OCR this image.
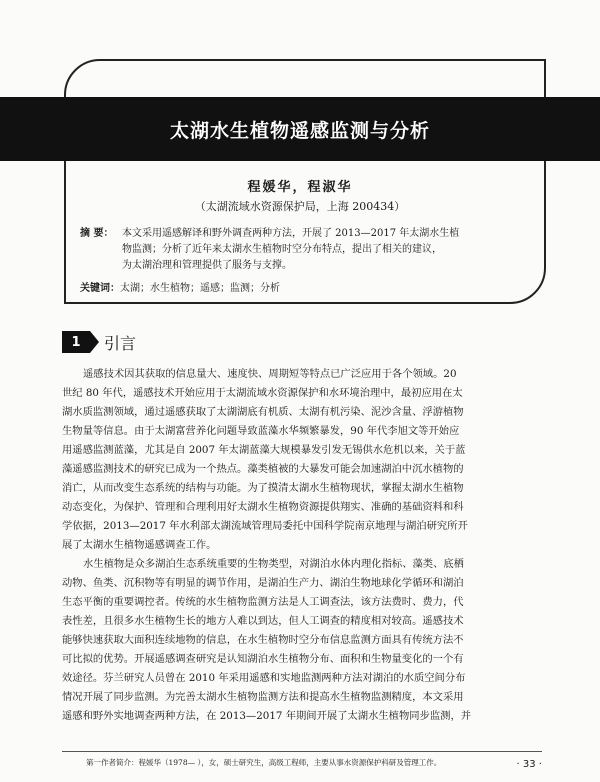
太湖水生植物遥感监测与分析
程媛华，程淑华
（太湖流域水资源保护局，上海 200434）
摘 要： 本文采用遥感解译和野外调查两种方法，开展了 2013—2017 年太湖水生植
物监测；分析了近年来太湖水生植物时空分布特点，提出了相关的建议，
为太湖治理和管理提供了服务与支撑。
关键词：太湖；水生植物；遥感；监测；分析
1	引言
遥感技术因其获取的信息量大、速度快、周期短等特点已广泛应用于各个领域。20
世纪 80 年代，遥感技术开始应用于太湖流域水资源保护和水环境治理中，最初应用在太
湖水质监测领域，通过遥感获取了太湖湖底有机质、太湖有机污染、泥沙含量、浮游植物
生物量等信息。由于太湖富营养化问题导致蓝藻水华频繁暴发，90 年代李旭文等开始应
用遥感监测蓝藻，尤其是自 2007 年太湖蓝藻大规模暴发引发无锡供水危机以来，关于蓝
藻遥感监测技术的研究已成为一个热点。藻类植被的大暴发可能会加速湖泊中沉水植物的
消亡，从而改变生态系统的结构与功能。为了摸清太湖水生植物现状，掌握太湖水生植物
动态变化，为保护、管理和合理利用好太湖水生植物资源提供翔实、准确的基础资料和科
学依据，2013—2017 年水利部太湖流域管理局委托中国科学院南京地理与湖泊研究所开
展了太湖水生植物遥感调查工作。
水生植物是众多湖泊生态系统重要的生物类型，对湖泊水体内理化指标、藻类、底栖
动物、鱼类、沉积物等有明显的调节作用，是湖泊生产力、湖泊生物地球化学循环和湖泊
生态平衡的重要调控者。传统的水生植物监测方法是人工调查法，该方法费时、费力，代
表性差，且很多水生植物生长的地方人难以到达，但人工调查的精度相对较高。遥感技术
能够快速获取大面积连续地物的信息，在水生植物时空分布信息监测方面具有传统方法不
可比拟的优势。开展遥感调查研究是认知湖泊水生植物分布、面积和生物量变化的一个有
效途径。芬兰研究人员曾在 2010 年采用遥感和实地监测两种方法对湖泊的水质空间分布
情况开展了同步监测。为完善太湖水生植物监测方法和提高水生植物监测精度，本文采用
遥感和野外实地调查两种方法，在 2013—2017 年期间开展了太湖水生植物同步监测，并
第一作者简介：程媛华（1978— ），女，硕士研究生，高级工程师，主要从事水资源保护科研及管理工作。	· 33 ·
